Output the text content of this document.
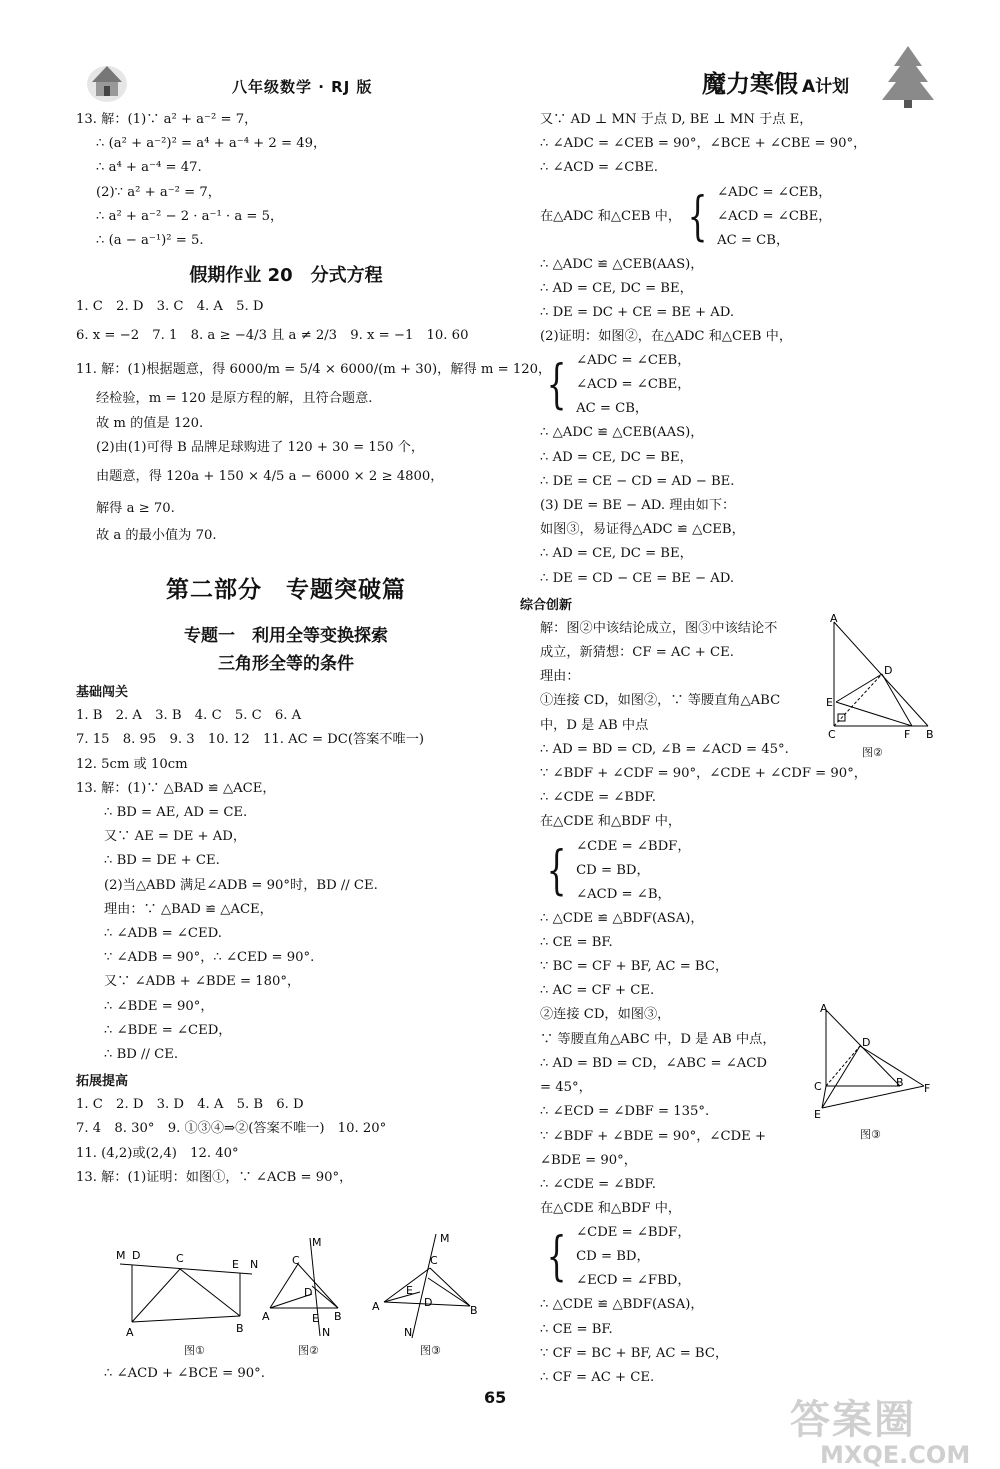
八年级数学 · RJ 版	魔力寒假 A计划
13. 解：(1)∵ a² + a⁻² = 7，
∴ (a² + a⁻²)² = a⁴ + a⁻⁴ + 2 = 49，
∴ a⁴ + a⁻⁴ = 47.
(2)∵ a² + a⁻² = 7，
∴ a² + a⁻² − 2 · a⁻¹ · a = 5，
∴ (a − a⁻¹)² = 5.
假期作业 20　分式方程
1. C　2. D　3. C　4. A　5. D
6. x = −2　7. 1　8. a ≥ −4/3 且 a ≠ 2/3　9. x = −1　10. 60
11. 解：(1)根据题意，得 6000/m = 5/4 × 6000/(m + 30)，解得 m = 120，
经检验，m = 120 是原方程的解，且符合题意.
故 m 的值是 120.
(2)由(1)可得 B 品牌足球购进了 120 + 30 = 150 个，
由题意，得 120a + 150 × 4/5 a − 6000 × 2 ≥ 4800，
解得 a ≥ 70.
故 a 的最小值为 70.
第二部分　专题突破篇
专题一　利用全等变换探索
三角形全等的条件
基础闯关
1. B　2. A　3. B　4. C　5. C　6. A
7. 15　8. 95　9. 3　10. 12　11. AC = DC(答案不唯一)
12. 5cm 或 10cm
13. 解：(1)∵ △BAD ≌ △ACE，
∴ BD = AE, AD = CE.
又∵ AE = DE + AD，
∴ BD = DE + CE.
(2)当△ABD 满足∠ADB = 90°时，BD // CE.
理由：∵ △BAD ≌ △ACE，
∴ ∠ADB = ∠CED.
∵ ∠ADB = 90°，∴ ∠CED = 90°.
又∵ ∠ADB + ∠BDE = 180°，
∴ ∠BDE = 90°，
∴ ∠BDE = ∠CED，
∴ BD // CE.
拓展提高
1. C　2. D　3. D　4. A　5. B　6. D
7. 4　8. 30°　9. ①③④⇒②(答案不唯一)　10. 20°
11. (4,2)或(2,4)　12. 40°
13. 解：(1)证明：如图①，∵ ∠ACB = 90°，
M D	C	E N
A	B
M
C
D
E
N
A	B
M
C
E
D
A	B
N
图①	图②	图③
∴ ∠ACD + ∠BCE = 90°.
又∵ AD ⊥ MN 于点 D, BE ⊥ MN 于点 E，
∴ ∠ADC = ∠CEB = 90°，∠BCE + ∠CBE = 90°，
∴ ∠ACD = ∠CBE.
在△ADC 和△CEB 中， { ∠ADC = ∠CEB，
∠ACD = ∠CBE，
AC = CB，
∴ △ADC ≌ △CEB(AAS)，
∴ AD = CE, DC = BE，
∴ DE = DC + CE = BE + AD.
(2)证明：如图②，在△ADC 和△CEB 中，
{ ∠ADC = ∠CEB，
∠ACD = ∠CBE，
AC = CB，
∴ △ADC ≌ △CEB(AAS)，
∴ AD = CE, DC = BE，
∴ DE = CE − CD = AD − BE.
(3) DE = BE − AD. 理由如下：
如图③，易证得△ADC ≌ △CEB，
∴ AD = CE, DC = BE，
∴ DE = CD − CE = BE − AD.
综合创新
解：图②中该结论成立，图③中该结论不
成立，新猜想：CF = AC + CE.
理由：
①连接 CD，如图②，∵ 等腰直角△ABC
中，D 是 AB 中点
∴ AD = BD = CD, ∠B = ∠ACD = 45°.
∵ ∠BDF + ∠CDF = 90°，∠CDE + ∠CDF = 90°，
∴ ∠CDE = ∠BDF.
在△CDE 和△BDF 中，
{ ∠CDE = ∠BDF，
CD = BD，
∠ACD = ∠B，
∴ △CDE ≌ △BDF(ASA)，
∴ CE = BF.
∵ BC = CF + BF, AC = BC，
∴ AC = CF + CE.
②连接 CD，如图③，
∵ 等腰直角△ABC 中，D 是 AB 中点，
∴ AD = BD = CD，∠ABC = ∠ACD
= 45°，
∴ ∠ECD = ∠DBF = 135°.
∵ ∠BDF + ∠BDE = 90°，∠CDE +
∠BDE = 90°，
∴ ∠CDE = ∠BDF.
在△CDE 和△BDF 中，
{ ∠CDE = ∠BDF，
CD = BD，
∠ECD = ∠FBD，
∴ △CDE ≌ △BDF(ASA)，
∴ CE = BF.
∵ CF = BC + BF, AC = BC，
∴ CF = AC + CE.
A
D
E
C	F B
图②
A
D
C	B F
E
图③
65	答案圈
MXQE.COM
